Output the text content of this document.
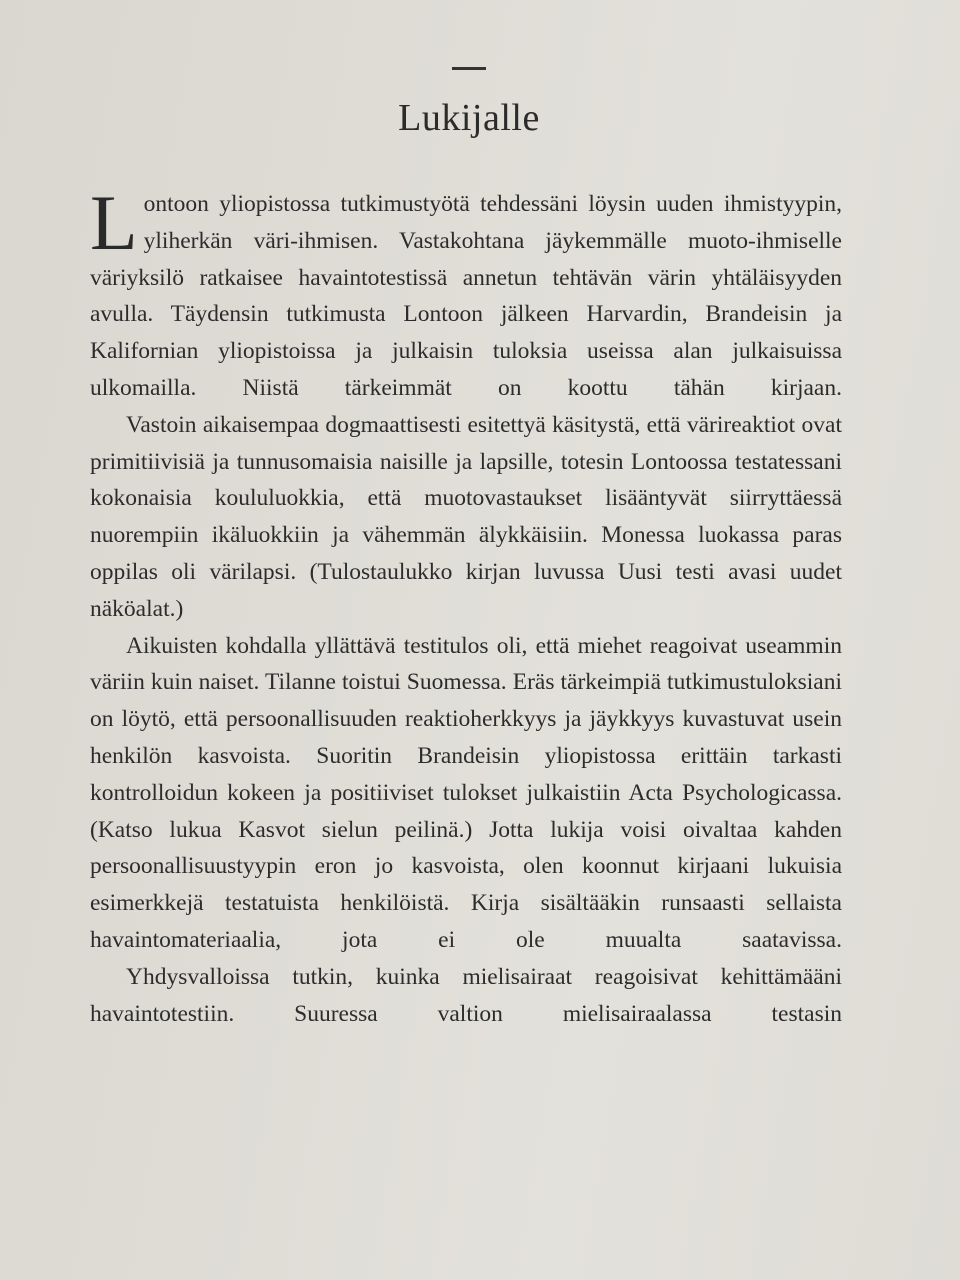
Lukijalle

Lontoon yliopistossa tutkimustyötä tehdessäni löysin uuden ihmistyypin, yliherkän väri-ihmisen. Vastakohtana jäykemmälle muoto-ihmiselle väriyksilö ratkaisee havaintotestissä annetun tehtävän värin yhtäläisyyden avulla. Täydensin tutkimusta Lontoon jälkeen Harvardin, Brandeisin ja Kalifornian yliopistoissa ja julkaisin tuloksia useissa alan julkaisuissa ulkomailla. Niistä tärkeimmät on koottu tähän kirjaan.

Vastoin aikaisempaa dogmaattisesti esitettyä käsitystä, että värireaktiot ovat primitiivisiä ja tunnusomaisia naisille ja lapsille, totesin Lontoossa testatessani kokonaisia koululuokkia, että muotovastaukset lisääntyvät siirryttäessä nuorempiin ikäluokkiin ja vähemmän älykkäisiin. Monessa luokassa paras oppilas oli värilapsi. (Tulostaulukko kirjan luvussa Uusi testi avasi uudet näköalat.)

Aikuisten kohdalla yllättävä testitulos oli, että miehet reagoivat useammin väriin kuin naiset. Tilanne toistui Suomessa. Eräs tärkeimpiä tutkimustuloksiani on löytö, että persoonallisuuden reaktioherkkyys ja jäykkyys kuvastuvat usein henkilön kasvoista. Suoritin Brandeisin yliopistossa erittäin tarkasti kontrolloidun kokeen ja positiiviset tulokset julkaistiin Acta Psychologicassa. (Katso lukua Kasvot sielun peilinä.) Jotta lukija voisi oivaltaa kahden persoonallisuustyypin eron jo kasvoista, olen koonnut kirjaani lukuisia esimerkkejä testatuista henkilöistä. Kirja sisältääkin runsaasti sellaista havaintomateriaalia, jota ei ole muualta saatavissa.

Yhdysvalloissa tutkin, kuinka mielisairaat reagoisivat kehittämääni havaintotestiin. Suuressa valtion mielisairaalassa testasin
